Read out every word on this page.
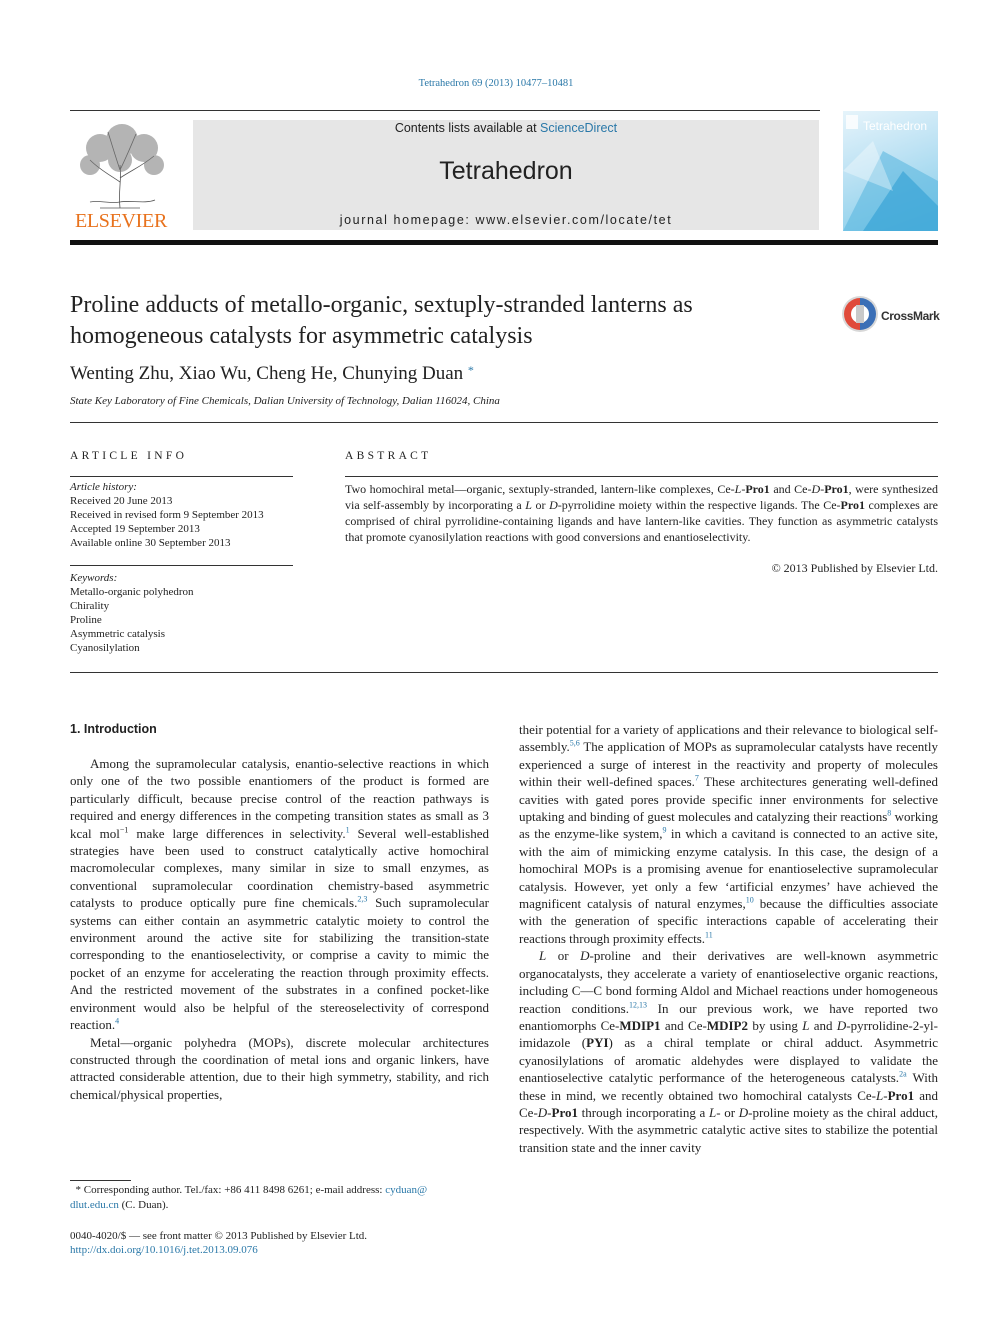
Tetrahedron 69 (2013) 10477–10481
ELSEVIER
Contents lists available at ScienceDirect
Tetrahedron
journal homepage: www.elsevier.com/locate/tet
Tetrahedron
Proline adducts of metallo-organic, sextuply-stranded lanterns as homogeneous catalysts for asymmetric catalysis
CrossMark
Wenting Zhu, Xiao Wu, Cheng He, Chunying Duan *
State Key Laboratory of Fine Chemicals, Dalian University of Technology, Dalian 116024, China
ARTICLE INFO	ABSTRACT
Article history:
Received 20 June 2013
Received in revised form 9 September 2013
Accepted 19 September 2013
Available online 30 September 2013
Keywords:
Metallo-organic polyhedron
Chirality
Proline
Asymmetric catalysis
Cyanosilylation
Two homochiral metal—organic, sextuply-stranded, lantern-like complexes, Ce-L-Pro1 and Ce-D-Pro1, were synthesized via self-assembly by incorporating a L or D-pyrrolidine moiety within the respective ligands. The Ce-Pro1 complexes are comprised of chiral pyrrolidine-containing ligands and have lantern-like cavities. They function as asymmetric catalysts that promote cyanosilylation reactions with good conversions and enantioselectivity.
© 2013 Published by Elsevier Ltd.
1. Introduction

Among the supramolecular catalysis, enantio-selective reactions in which only one of the two possible enantiomers of the product is formed are particularly difficult, because precise control of the reaction pathways is required and energy differences in the competing transition states as small as 3 kcal mol$^{-1}$ make large differences in selectivity.$^1$ Several well-established strategies have been used to construct catalytically active homochiral macromolecular complexes, many similar in size to small enzymes, as conventional supramolecular coordination chemistry-based asymmetric catalysts to produce optically pure fine chemicals.$^{2,3}$ Such supramolecular systems can either contain an asymmetric catalytic moiety to control the environment around the active site for stabilizing the transition-state corresponding to the enantioselectivity, or comprise a cavity to mimic the pocket of an enzyme for accelerating the reaction through proximity effects. And the restricted movement of the substrates in a confined pocket-like environment would also be helpful of the stereoselectivity of correspond reaction.$^4$

Metal—organic polyhedra (MOPs), discrete molecular architectures constructed through the coordination of metal ions and organic linkers, have attracted considerable attention, due to their high symmetry, stability, and rich chemical/physical properties,

their potential for a variety of applications and their relevance to biological self-assembly.$^{5,6}$ The application of MOPs as supramolecular catalysts have recently experienced a surge of interest in the reactivity and property of molecules within their well-defined spaces.$^7$ These architectures generating well-defined cavities with gated pores provide specific inner environments for selective uptaking and binding of guest molecules and catalyzing their reactions$^8$ working as the enzyme-like system,$^9$ in which a cavitand is connected to an active site, with the aim of mimicking enzyme catalysis. In this case, the design of a homochiral MOPs is a promising avenue for enantioselective supramolecular catalysis. However, yet only a few ‘artificial enzymes’ have achieved the magnificent catalysis of natural enzymes,$^{10}$ because the difficulties associate with the generation of specific interactions capable of accelerating their reactions through proximity effects.$^{11}$

L or D-proline and their derivatives are well-known asymmetric organocatalysts, they accelerate a variety of enantioselective organic reactions, including C—C bond forming Aldol and Michael reactions under homogeneous reaction conditions.$^{12,13}$ In our previous work, we have reported two enantiomorphs Ce-MDIP1 and Ce-MDIP2 by using L and D-pyrrolidine-2-yl-imidazole (PYI) as a chiral template or chiral adduct. Asymmetric cyanosilylations of aromatic aldehydes were displayed to validate the enantioselective catalytic performance of the heterogeneous catalysts.$^{2a}$ With these in mind, we recently obtained two homochiral catalysts Ce-L-Pro1 and Ce-D-Pro1 through incorporating a L- or D-proline moiety as the chiral adduct, respectively. With the asymmetric catalytic active sites to stabilize the potential transition state and the inner cavity

* Corresponding author. Tel./fax: +86 411 8498 6261; e-mail address: cyduan@
dlut.edu.cn (C. Duan).
0040-4020/$ — see front matter © 2013 Published by Elsevier Ltd.
http://dx.doi.org/10.1016/j.tet.2013.09.076
